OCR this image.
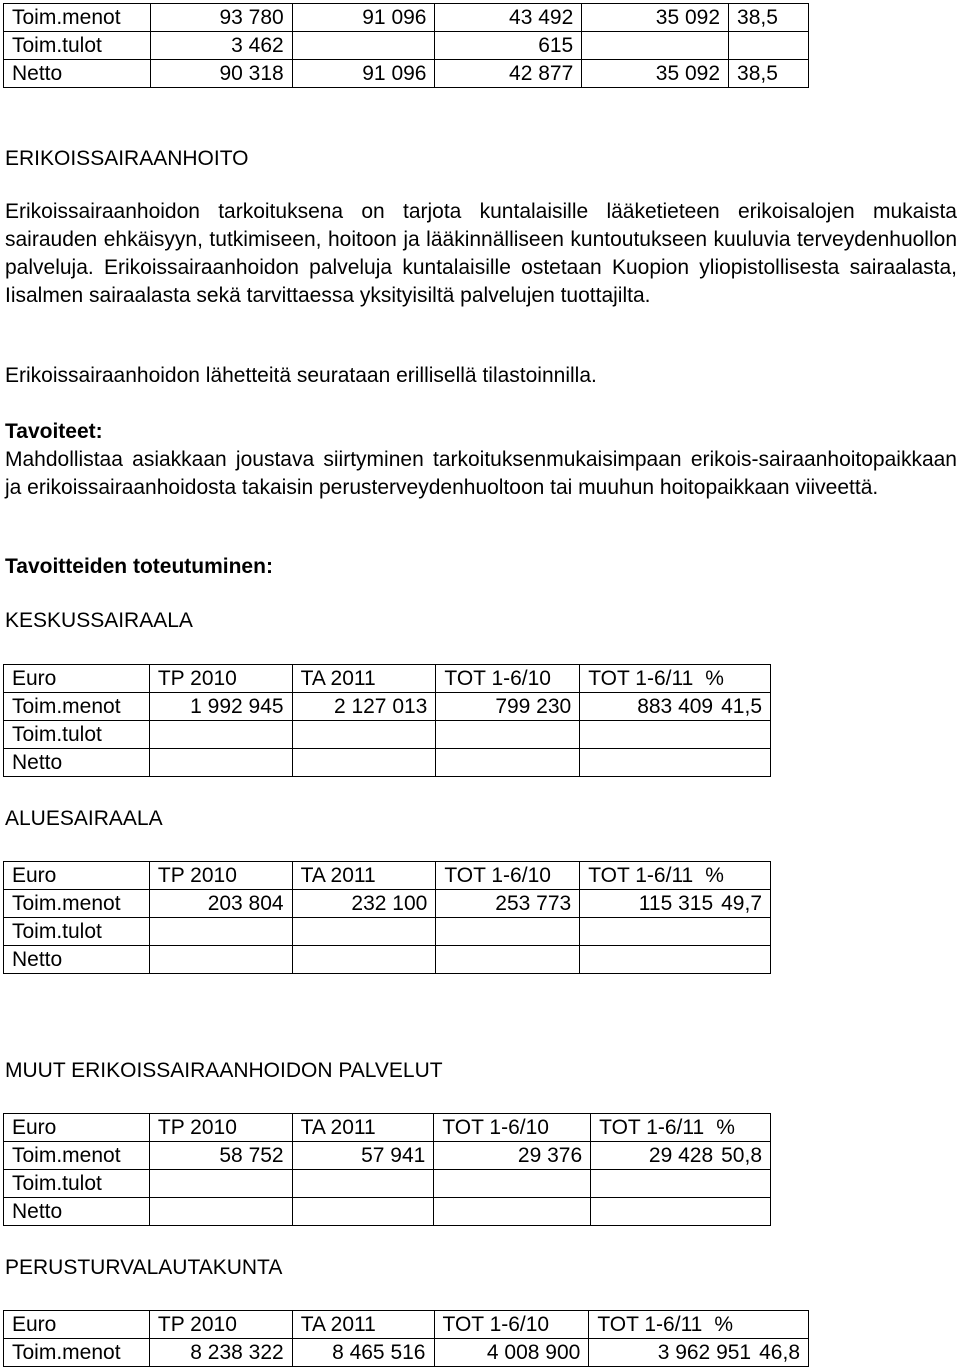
Toim.menot	93 780	91 096	43 492	35 092	38,5
Toim.tulot	3 462		615		
Netto	90 318	91 096	42 877	35 092	38,5
ERIKOISSAIRAANHOITO
Erikoissairaanhoidon tarkoituksena on tarjota kuntalaisille lääketieteen erikoisalojen mukaista sairauden ehkäisyyn, tutkimiseen, hoitoon ja lääkinnälliseen kuntoutukseen kuuluvia terveydenhuollon palveluja. Erikoissairaanhoidon palveluja kuntalaisille ostetaan Kuopion yliopistollisesta sairaalasta, Iisalmen sairaalasta sekä tarvittaessa yksityisiltä palvelujen tuottajilta.
Erikoissairaanhoidon lähetteitä seurataan erillisellä tilastoinnilla.
Tavoiteet:
Mahdollistaa asiakkaan joustava siirtyminen tarkoituksenmukaisimpaan erikois-sairaanhoitopaikkaan ja erikoissairaanhoidosta takaisin perusterveydenhuoltoon tai muuhun hoitopaikkaan viiveettä.
Tavoitteiden toteutuminen:
KESKUSSAIRAALA
Euro	TP 2010	TA 2011	TOT 1-6/10	TOT 1-6/11 %
Toim.menot	1 992 945	2 127 013	799 230	883 409 41,5
Toim.tulot				
Netto				
ALUESAIRAALA
Euro	TP 2010	TA 2011	TOT 1-6/10	TOT 1-6/11 %
Toim.menot	203 804	232 100	253 773	115 315 49,7
Toim.tulot				
Netto				
MUUT ERIKOISSAIRAANHOIDON PALVELUT
Euro	TP 2010	TA 2011	TOT 1-6/10	TOT 1-6/11 %
Toim.menot	58 752	57 941	29 376	29 428 50,8
Toim.tulot				
Netto				
PERUSTURVALAUTAKUNTA
Euro	TP 2010	TA 2011	TOT 1-6/10	TOT 1-6/11 %
Toim.menot	8 238 322	8 465 516	4 008 900	3 962 951 46,8
